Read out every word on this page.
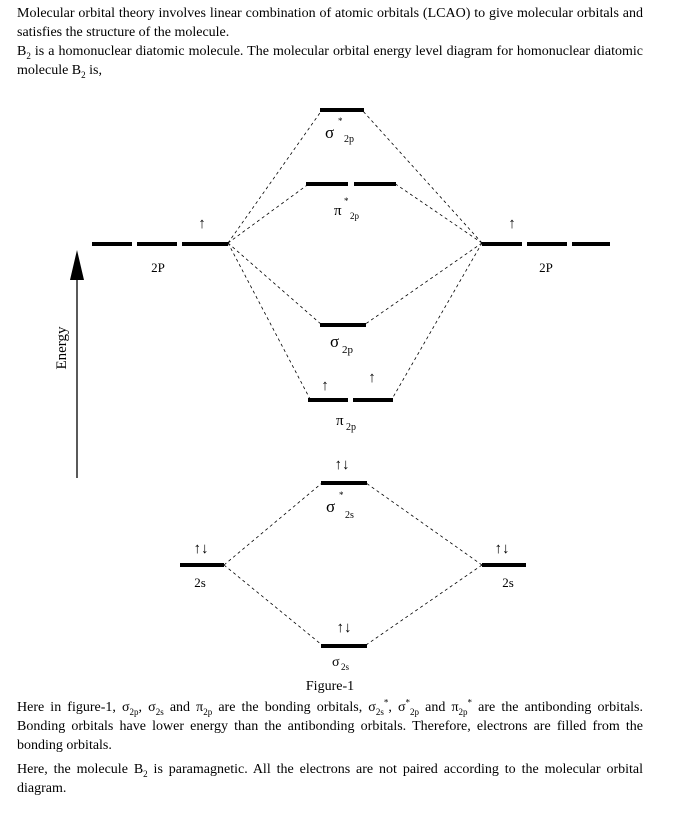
Molecular orbital theory involves linear combination of atomic orbitals (LCAO) to give molecular orbitals and satisfies the structure of the molecule.
$B_2$ is a homonuclear diatomic molecule. The molecular orbital energy level diagram for homonuclear diatomic molecule $B_2$ is,

Energy
↑
2P
↑
2P
σ
*
2p
π
*
2p
σ 2p
↑	↑
π 2p
↑↓
σ
*
2s
↑↓
2s
↑↓
2s
↑↓
σ 2s
Figure-1

Here in figure-1, $\sigma_{2p}$, $\sigma_{2s}$ and $\pi_{2p}$ are the bonding orbitals, $\sigma_{2s}^*$, $\sigma^*_{2p}$ and $\pi_{2p}^*$ are the antibonding orbitals. Bonding orbitals have lower energy than the antibonding orbitals. Therefore, electrons are filled from the bonding orbitals.

Here, the molecule $B_2$ is paramagnetic. All the electrons are not paired according to the molecular orbital diagram.
